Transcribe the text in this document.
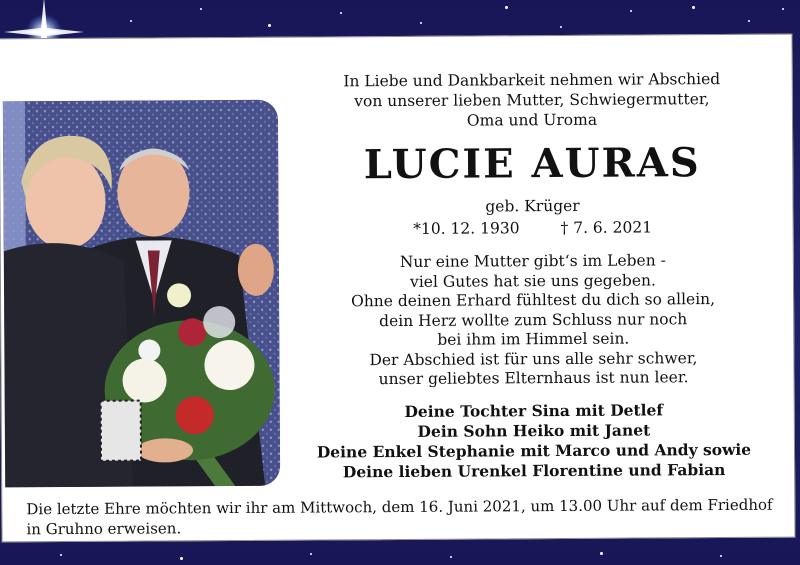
In Liebe und Dankbarkeit nehmen wir Abschied
von unserer lieben Mutter, Schwiegermutter,
Oma und Uroma

LUCIE AURAS
geb. Krüger
*10. 12. 1930	† 7. 6. 2021
Nur eine Mutter gibt‘s im Leben -
viel Gutes hat sie uns gegeben.
Ohne deinen Erhard fühltest du dich so allein,
dein Herz wollte zum Schluss nur noch
bei ihm im Himmel sein.
Der Abschied ist für uns alle sehr schwer,
unser geliebtes Elternhaus ist nun leer.
Deine Tochter Sina mit Detlef
Dein Sohn Heiko mit Janet
Deine Enkel Stephanie mit Marco und Andy sowie
Deine lieben Urenkel Florentine und Fabian
Die letzte Ehre möchten wir ihr am Mittwoch, dem 16. Juni 2021, um 13.00 Uhr auf dem Friedhof in Gruhno erweisen.
